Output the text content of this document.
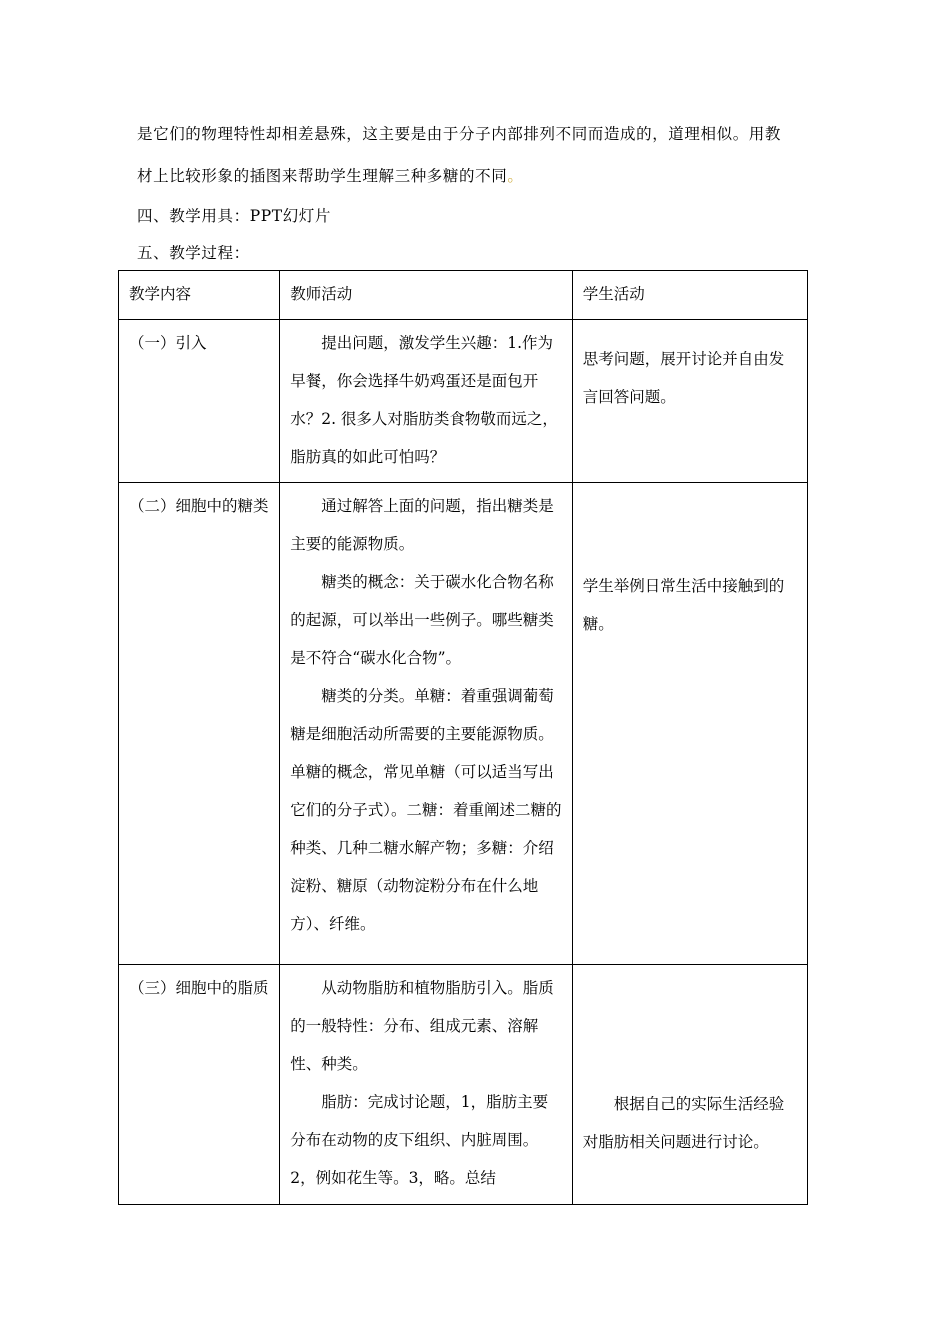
是它们的物理特性却相差悬殊，这主要是由于分子内部排列不同而造成的，道理相似。用教

材上比较形象的插图来帮助学生理解三种多糖的不同。

四、教学用具：PPT幻灯片

五、教学过程：

教学内容	教师活动	学生活动
（一）引入	提出问题，激发学生兴趣：1.作为早餐，你会选择牛奶鸡蛋还是面包开水？2. 很多人对脂肪类食物敬而远之，脂肪真的如此可怕吗？	思考问题，展开讨论并自由发言回答问题。
（二）细胞中的糖类	通过解答上面的问题，指出糖类是主要的能源物质。
糖类的概念：关于碳水化合物名称的起源，可以举出一些例子。哪些糖类是不符合“碳水化合物”。
糖类的分类。单糖：着重强调葡萄糖是细胞活动所需要的主要能源物质。单糖的概念，常见单糖（可以适当写出它们的分子式）。二糖：着重阐述二糖的种类、几种二糖水解产物；多糖：介绍淀粉、糖原（动物淀粉分布在什么地方）、纤维。	学生举例日常生活中接触到的糖。
（三）细胞中的脂质	从动物脂肪和植物脂肪引入。脂质的一般特性：分布、组成元素、溶解性、种类。
脂肪：完成讨论题，1，脂肪主要分布在动物的皮下组织、内脏周围。2，例如花生等。3，略。总结	根据自己的实际生活经验对脂肪相关问题进行讨论。
